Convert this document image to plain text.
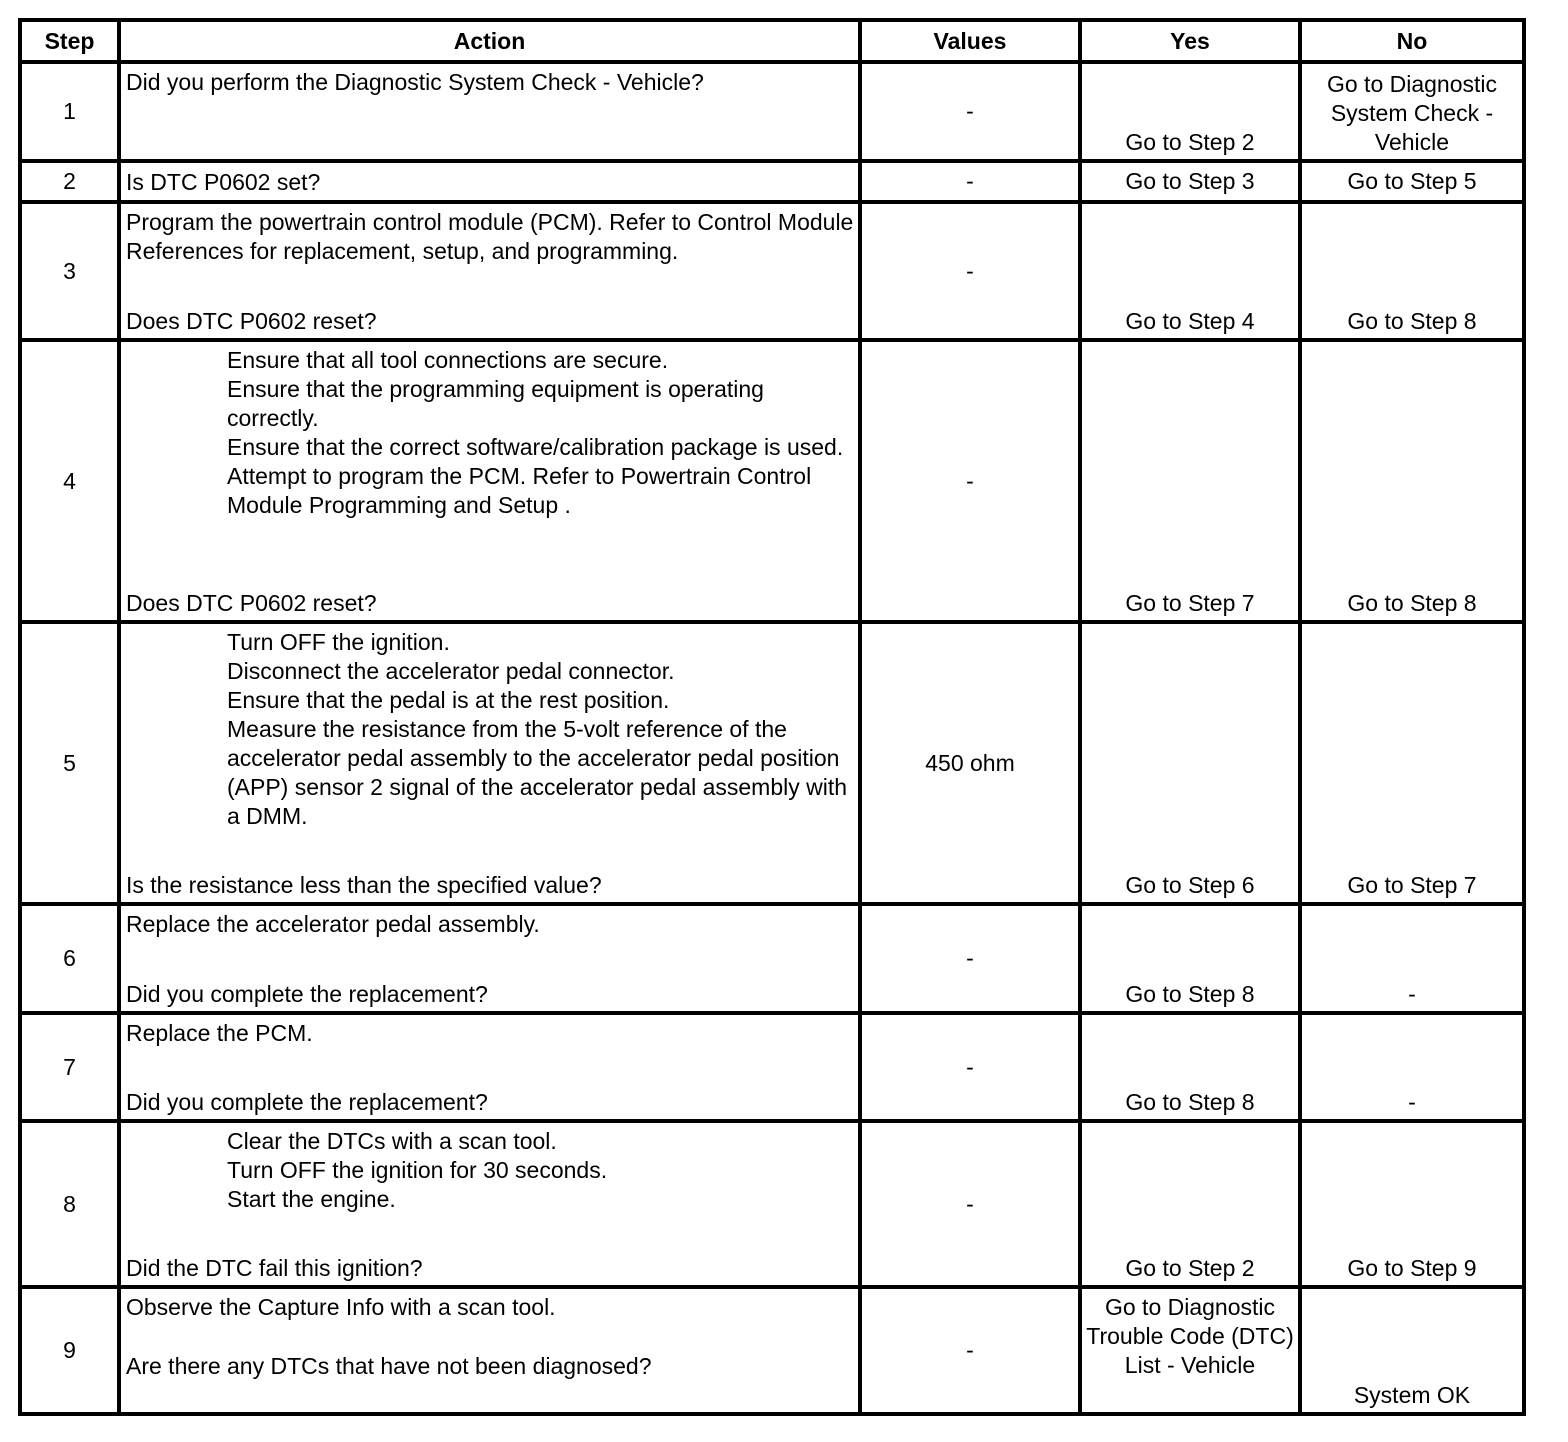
Step	Action	Values	Yes	No
1	Did you perform the Diagnostic System Check - Vehicle?	-	Go to Step 2	Go to Diagnostic System Check - Vehicle
2	Is DTC P0602 set?	-	Go to Step 3	Go to Step 5
3	Program the powertrain control module (PCM). Refer to Control Module References for replacement, setup, and programming.
Does DTC P0602 reset?	-	Go to Step 4	Go to Step 8
4	Ensure that all tool connections are secure.
Ensure that the programming equipment is operating correctly.
Ensure that the correct software/calibration package is used.
Attempt to program the PCM. Refer to Powertrain Control Module Programming and Setup .
Does DTC P0602 reset?	-	Go to Step 7	Go to Step 8
5	Turn OFF the ignition.
Disconnect the accelerator pedal connector.
Ensure that the pedal is at the rest position.
Measure the resistance from the 5-volt reference of the accelerator pedal assembly to the accelerator pedal position (APP) sensor 2 signal of the accelerator pedal assembly with a DMM.
Is the resistance less than the specified value?	450 ohm	Go to Step 6	Go to Step 7
6	Replace the accelerator pedal assembly.
Did you complete the replacement?	-	Go to Step 8	-
7	Replace the PCM.
Did you complete the replacement?	-	Go to Step 8	-
8	Clear the DTCs with a scan tool.
Turn OFF the ignition for 30 seconds.
Start the engine.
Did the DTC fail this ignition?	-	Go to Step 2	Go to Step 9
9	Observe the Capture Info with a scan tool.
Are there any DTCs that have not been diagnosed?	-	Go to Diagnostic Trouble Code (DTC) List - Vehicle	System OK
